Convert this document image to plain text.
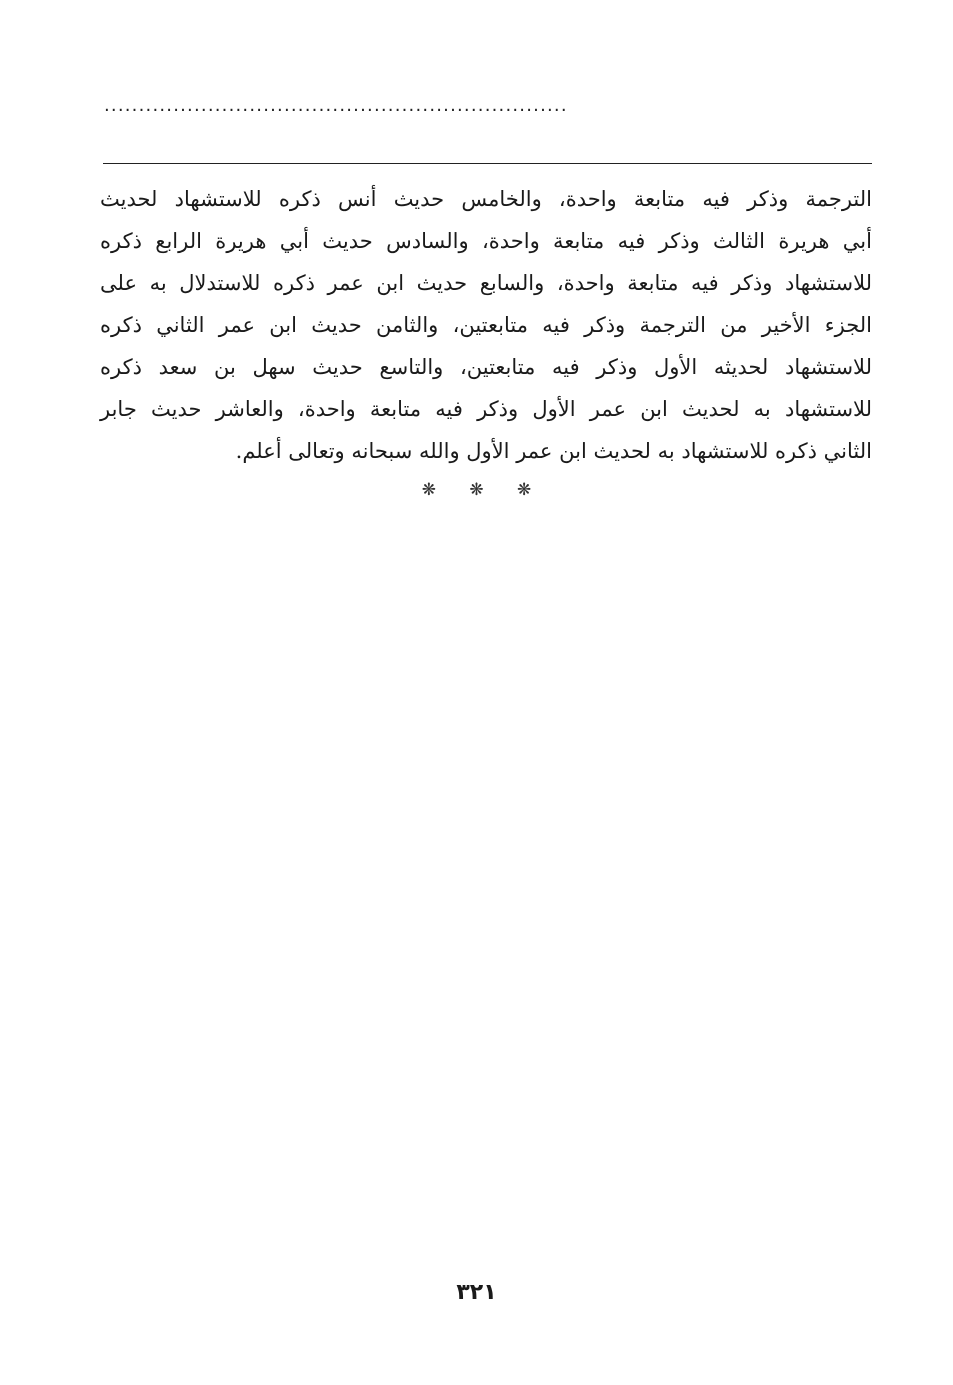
...................................................................
الترجمة وذكر فيه متابعة واحدة، والخامس حديث أنس ذكره للاستشهاد لحديث
أبي هريرة الثالث وذكر فيه متابعة واحدة، والسادس حديث أبي هريرة الرابع ذكره
للاستشهاد وذكر فيه متابعة واحدة، والسابع حديث ابن عمر ذكره للاستدلال به على
الجزء الأخير من الترجمة وذكر فيه متابعتين، والثامن حديث ابن عمر الثاني ذكره
للاستشهاد لحديثه الأول وذكر فيه متابعتين، والتاسع حديث سهل بن سعد ذكره
للاستشهاد به لحديث ابن عمر الأول وذكر فيه متابعة واحدة، والعاشر حديث جابر
الثاني ذكره للاستشهاد به لحديث ابن عمر الأول والله سبحانه وتعالى أعلم.
❋ ❋ ❋
٣٢١
